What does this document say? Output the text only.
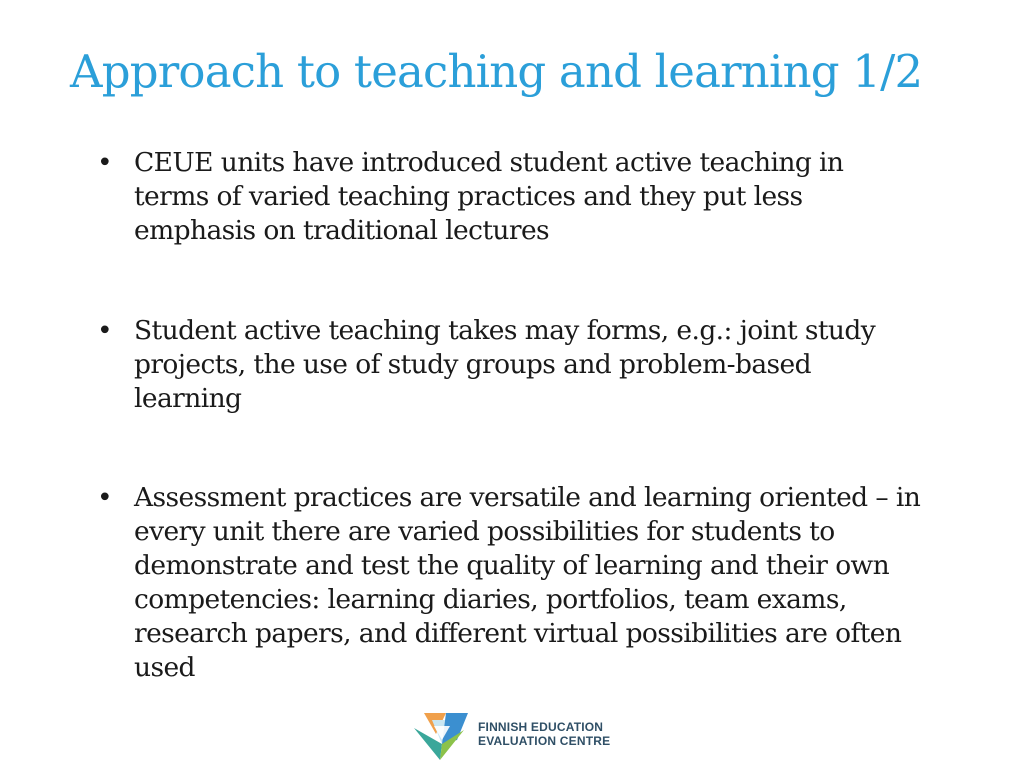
Approach to teaching and learning 1/2
• CEUE units have introduced student active teaching in terms of varied teaching practices and they put less emphasis on traditional lectures
• Student active teaching takes may forms, e.g.: joint study projects, the use of study groups and problem-based learning
• Assessment practices are versatile and learning oriented – in every unit there are varied possibilities for students to demonstrate and test the quality of learning and their own competencies: learning diaries, portfolios, team exams, research papers, and different virtual possibilities are often used
FINNISH EDUCATION
EVALUATION CENTRE
